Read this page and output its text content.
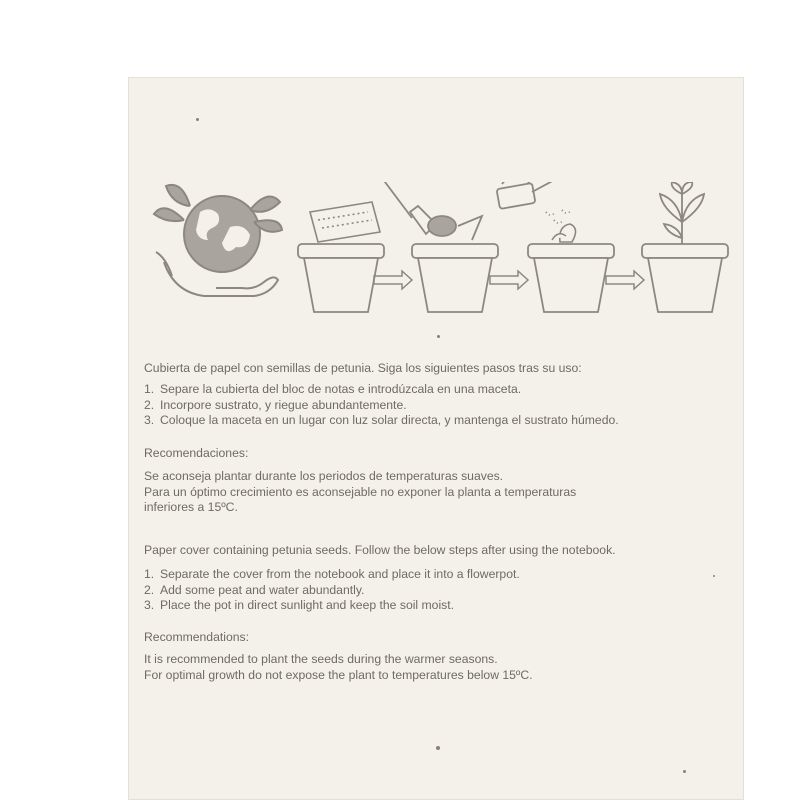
Cubierta de papel con semillas de petunia. Siga los siguientes pasos tras su uso:

1. Separe la cubierta del bloc de notas e introdúzcala en una maceta.
2. Incorpore sustrato, y riegue abundantemente.
3. Coloque la maceta en un lugar con luz solar directa, y mantenga el sustrato húmedo.

Recomendaciones:

Se aconseja plantar durante los periodos de temperaturas suaves.

Para un óptimo crecimiento es aconsejable no exponer la planta a temperaturas

inferiores a 15ºC.

Paper cover containing petunia seeds. Follow the below steps after using the notebook.

1. Separate the cover from the notebook and place it into a flowerpot.
2. Add some peat and water abundantly.
3. Place the pot in direct sunlight and keep the soil moist.

Recommendations:

It is recommended to plant the seeds during the warmer seasons.

For optimal growth do not expose the plant to temperatures below 15ºC.
